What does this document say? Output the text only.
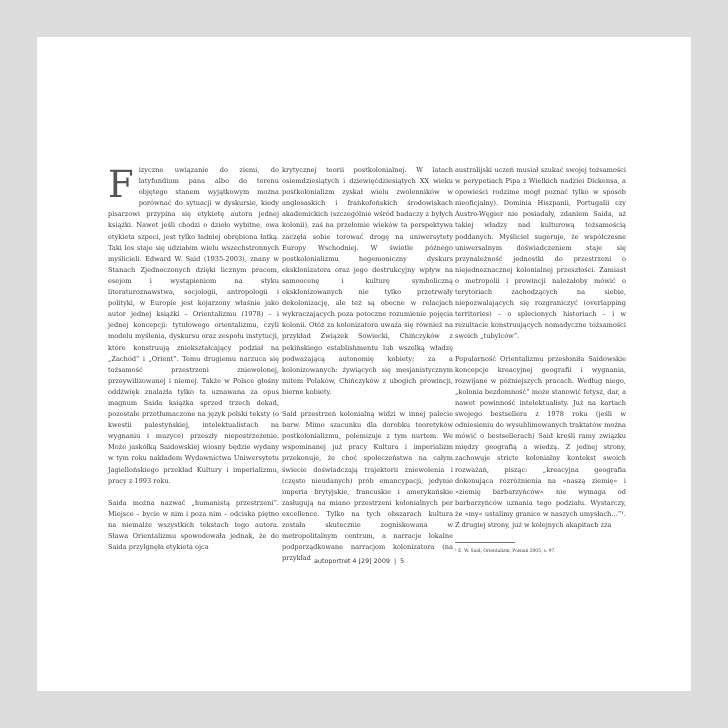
Fizyczne uwiązanie do ziemi, do latyfundium pana albo do terenu objętego stanem wyjątkowym można porównać do sytuacji w dyskursie, kiedy pisarzowi przypina się etykietę autora jednej książki. Nawet jeśli chodzi o dzieło wybitne, owa etykieta szpeci, jest tylko ładniej obrębiona łatką. Taki los staje się udziałem wielu wszechstronnych myślicieli. Edward W. Said (1935-2003), znany w Stanach Zjednoczonych dzięki licznym pracom, esejom i wystąpieniom na styku literaturoznawstwa, socjologii, antropologii i polityki, w Europie jest kojarzony właśnie jako autor jednej książki – Orientalizmu (1978) – i jednej koncepcji: tytułowego orientalizmu, czyli modelu myślenia, dyskursu oraz zespołu instytucji, które konstruują zniekształcający podział na „Zachód” i „Orient”. Temu drugiemu narzuca się tożsamość przestrzeni zniewolonej, przeywilizowanej i niemej. Także w Polsce głośny oddźwięk znalazła tylko ta uznawana za opus magnum Saida książka sprzed trzech dekad, pozostałe przetłumaczone na język polski teksty (o kwestii palestyńskiej, intelektualistach na wygnaniu i muzyce) przeszły niepostrzeżenie. Może jaskółką Saidowskiej wiosny będzie wydany w tym roku nakładem Wydawnictwa Uniwersytetu Jagiellońskiego przekład Kultury i imperializmu, pracy z 1993 roku.

Saida można nazwać „humanistą przestrzeni”. Miejsce – bycie w nim i poza nim – odciska piętno na niemalże wszystkich tekstach tego autora. Sława Orientalizmu spowodowała jednak, że do Saida przylgnęła etykieta ojca

krytycznej teorii postkolonialnej. W latach osiemdziesiątych i dziewięćdziesiątych XX wieku postkolonializm zyskał wielu zwolenników w anglosaskich i frankofońskich środowiskach akademickich (szczególnie wśród badaczy z byłych kolonii), zaś na przełomie wieków ta perspektywa zaczęła sobie torować drogę na uniwersytety Europy Wschodniej. W świetle późnego postkolonializmu hegemoniczny dyskurs eksklonizatora oraz jego destrukcyjny wpływ na samoocenę i kulturę symboliczną eksklonizowanych nie tylko przetrwały dekolonizację, ale też są obecne w relacjach wykraczających poza potoczne rozumienie pojęcia kolonii. Otóż za kolonizatora uważa się również na przykład Związek Sowiecki, Chińczyków z pekińskiego establishmentu lub wszelką władzę podważającą autonomię kobiety; za a kolonizowanych: żywiących się mesjanistycznym mitem Polaków, Chińczyków z ubogich prowincji, bierne kobiety.

Said przestrzeń kolonialną widzi w innej palecie barw. Mimo szacunku dla dorobku teoretyków postkolonializmu, polemizuje z tym nurtem. We wspominanej już pracy Kultura i imperializm przekonuje, że choć społeczeństwa na całym świecie doświadczają trajektorii zniewolenia i (często nieudanych) prób emancypacji, jedynie imperia brytyjskie, francuskie i amerykańskie zasługują na miano przestrzeni kolonialnych per excellence. Tylko na tych obszarach kultura została skutecznie zogniskowana w metropolitalnym centrum, a narracje lokalne podporządkowane narracjom kolonizatora (na przykład

australijski uczeń musiał szukać swojej tożsamości w perypetiach Pipa z Wielkich nadziei Dickensa, a opowieści rodzime mógł poznać tylko w sposób nieoficjalny). Dominia Hiszpanii, Portugalii czy Austro-Węgier nie posiadały, zdaniem Saida, aż takiej władzy nad kulturową tożsamością poddanych. Myśliciel sugeruje, że współczesne uniwersalnym doświadczeniem staje się przynależność jednostki do przestrzeni o niejednoznacznej kolonialnej przeszłości. Zamiast o metropolii i prowincji należałoby mówić o terytoriach zachodzących na siebie, niepozwalających się rozgraniczyć (overlapping territories) – o splecionych historiach – i w rezultacie konstruujących nomadyczne tożsamości swoich „tubylców”.

Popularność Orientalizmu przesłoniła Saidowskie koncepcje kreacyjnej geografii i wygnania, rozwijane w późniejszych pracach. Według niego, „kolonia bezdomność” może stanowić fetysz, dar, a nawet powinność intelektualisty. Już na kartach swojego bestsellera z 1978 roku (jeśli w odniesieniu do wysublimowanych traktatów można mówić o bestsellerach) Said kreśli ramy związku między geografią a wiedzą. Z jednej strony, zachowuje stricte kolonialny kontekst swoich rozważań, pisząc: „kreacyjna geografia dokonująca rózróżnienia na »naszą ziemię« i »ziemię barbarzyńców« nie wymaga od barbarzyńców uznania tego podziału. Wystarczy, że »my« ustalimy granice w naszych umysłach…”¹. Z drugiej strony, już w kolejnych akapitach zza

¹ E. W. Said, Orientalizm, Poznań 2005, s. 97.
autoportret 4 [29] 2009 | 5
